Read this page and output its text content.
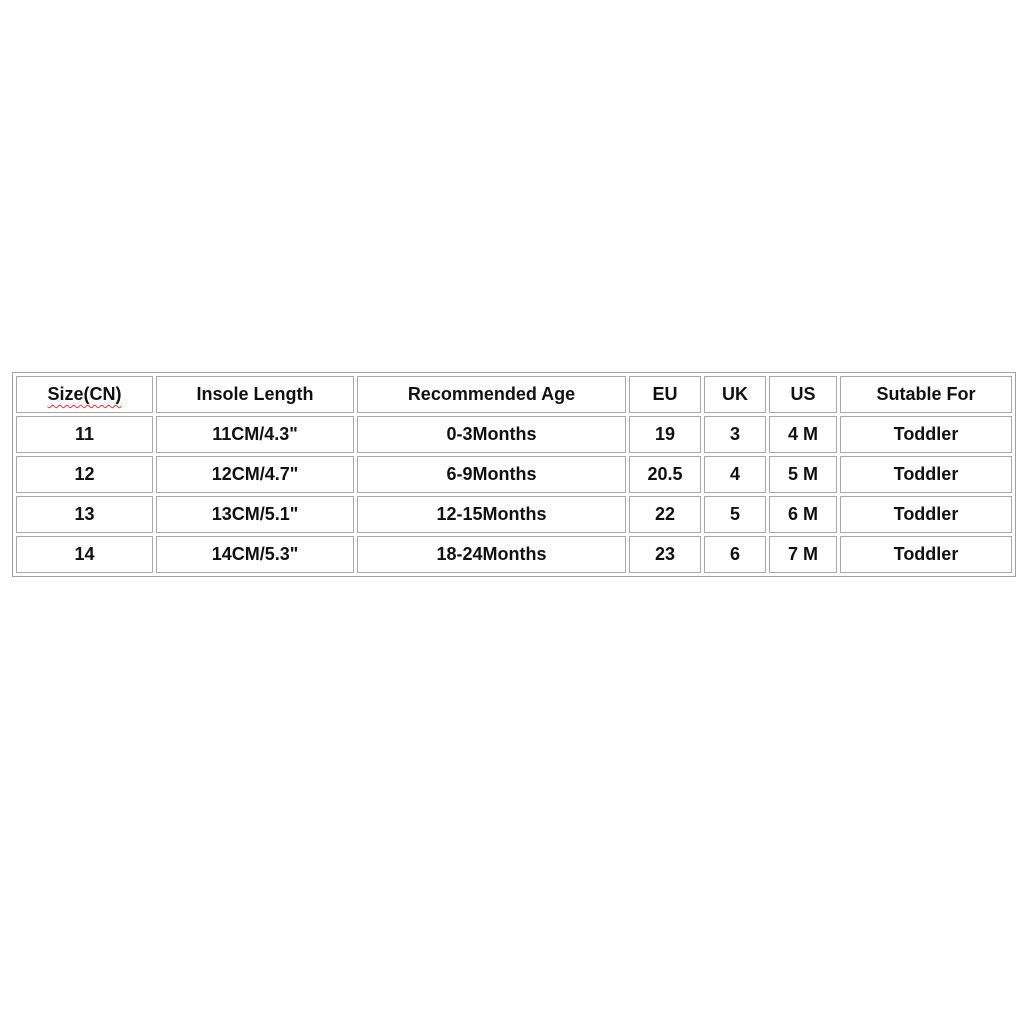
Size(CN)	Insole Length	Recommended Age	EU	UK	US	Sutable For
11	11CM/4.3"	0-3Months	19	3	4 M	Toddler
12	12CM/4.7"	6-9Months	20.5	4	5 M	Toddler
13	13CM/5.1"	12-15Months	22	5	6 M	Toddler
14	14CM/5.3"	18-24Months	23	6	7 M	Toddler
